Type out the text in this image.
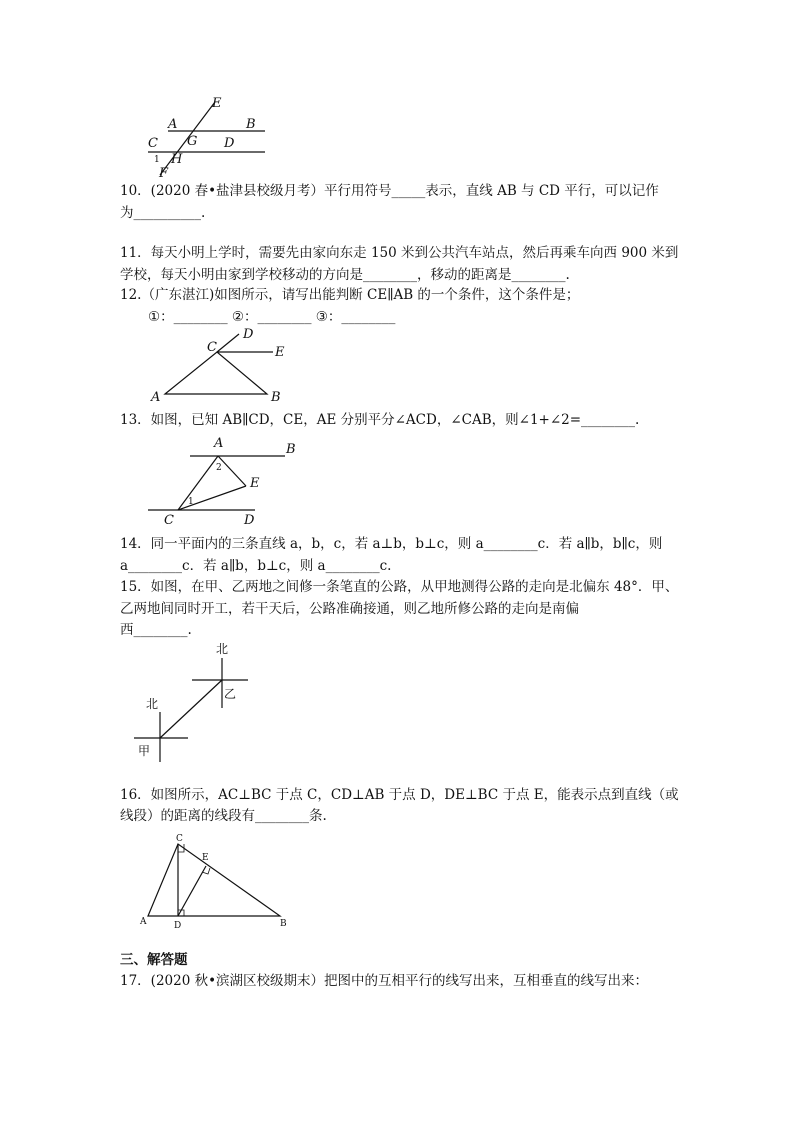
E
A	B
G
C	D
1 H
F
10．(2020 春•盐津县校级月考）平行用符号_____表示，直线 AB 与 CD 平行，可以记作
为__________.
11．每天小明上学时，需要先由家向东走 150 米到公共汽车站点，然后再乘车向西 900 米到
学校，每天小明由家到学校移动的方向是________，移动的距离是________.
12.（广东湛江)如图所示，请写出能判断 CE∥AB 的一个条件，这个条件是；
①：________ ②：________ ③：________
D
C	E
A	B
13．如图，已知 AB∥CD，CE，AE 分别平分∠ACD，∠CAB，则∠1+∠2=________.
A	B
2
E
1
C	D
14．同一平面内的三条直线 a，b，c，若 a⊥b，b⊥c，则 a________c．若 a∥b，b∥c，则
a________c．若 a∥b，b⊥c，则 a________c.
15．如图，在甲、乙两地之间修一条笔直的公路，从甲地测得公路的走向是北偏东 48°．甲、
乙两地间同时开工，若干天后，公路准确接通，则乙地所修公路的走向是南偏
西________.
北
乙
北
甲
16．如图所示，AC⊥BC 于点 C，CD⊥AB 于点 D，DE⊥BC 于点 E，能表示点到直线（或
线段）的距离的线段有________条.
C
E
A	D	B
三、解答题
17．(2020 秋•滨湖区校级期末）把图中的互相平行的线写出来，互相垂直的线写出来：
